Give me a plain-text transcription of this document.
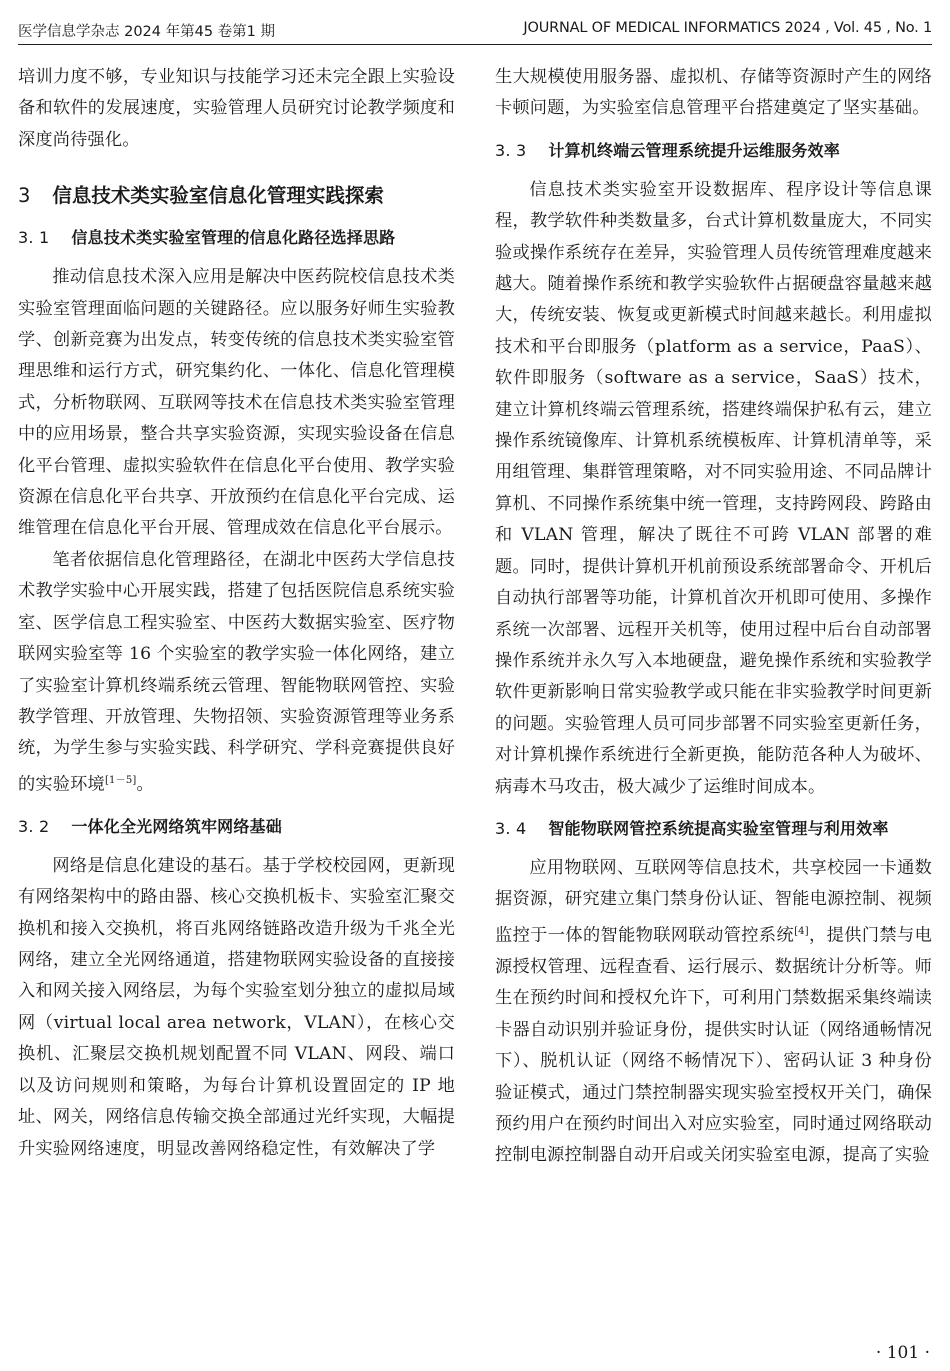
医学信息学杂志 2024 年第45 卷第1 期	JOURNAL OF MEDICAL INFORMATICS 2024 , Vol. 45 , No. 1

培训力度不够，专业知识与技能学习还未完全跟上实验设备和软件的发展速度，实验管理人员研究讨论教学频度和深度尚待强化。

3 信息技术类实验室信息化管理实践探索
3. 1 信息技术类实验室管理的信息化路径选择思路

推动信息技术深入应用是解决中医药院校信息技术类实验室管理面临问题的关键路径。应以服务好师生实验教学、创新竞赛为出发点，转变传统的信息技术类实验室管理思维和运行方式，研究集约化、一体化、信息化管理模式，分析物联网、互联网等技术在信息技术类实验室管理中的应用场景，整合共享实验资源，实现实验设备在信息化平台管理、虚拟实验软件在信息化平台使用、教学实验资源在信息化平台共享、开放预约在信息化平台完成、运维管理在信息化平台开展、管理成效在信息化平台展示。

笔者依据信息化管理路径，在湖北中医药大学信息技术教学实验中心开展实践，搭建了包括医院信息系统实验室、医学信息工程实验室、中医药大数据实验室、医疗物联网实验室等 16 个实验室的教学实验一体化网络，建立了实验室计算机终端系统云管理、智能物联网管控、实验教学管理、开放管理、失物招领、实验资源管理等业务系统，为学生参与实验实践、科学研究、学科竞赛提供良好的实验环境[1－5]。

3. 2 一体化全光网络筑牢网络基础

网络是信息化建设的基石。基于学校校园网，更新现有网络架构中的路由器、核心交换机板卡、实验室汇聚交换机和接入交换机，将百兆网络链路改造升级为千兆全光网络，建立全光网络通道，搭建物联网实验设备的直接接入和网关接入网络层，为每个实验室划分独立的虚拟局域网（virtual local area network，VLAN），在核心交换机、汇聚层交换机规划配置不同 VLAN、网段、端口以及访问规则和策略，为每台计算机设置固定的 IP 地址、网关，网络信息传输交换全部通过光纤实现，大幅提升实验网络速度，明显改善网络稳定性，有效解决了学

生大规模使用服务器、虚拟机、存储等资源时产生的网络卡顿问题，为实验室信息管理平台搭建奠定了坚实基础。

3. 3 计算机终端云管理系统提升运维服务效率

信息技术类实验室开设数据库、程序设计等信息课程，教学软件种类数量多，台式计算机数量庞大，不同实验或操作系统存在差异，实验管理人员传统管理难度越来越大。随着操作系统和教学实验软件占据硬盘容量越来越大，传统安装、恢复或更新模式时间越来越长。利用虚拟技术和平台即服务（platform as a service，PaaS）、软件即服务（software as a service，SaaS）技术，建立计算机终端云管理系统，搭建终端保护私有云，建立操作系统镜像库、计算机系统模板库、计算机清单等，采用组管理、集群管理策略，对不同实验用途、不同品牌计算机、不同操作系统集中统一管理，支持跨网段、跨路由和 VLAN 管理，解决了既往不可跨 VLAN 部署的难题。同时，提供计算机开机前预设系统部署命令、开机后自动执行部署等功能，计算机首次开机即可使用、多操作系统一次部署、远程开关机等，使用过程中后台自动部署操作系统并永久写入本地硬盘，避免操作系统和实验教学软件更新影响日常实验教学或只能在非实验教学时间更新的问题。实验管理人员可同步部署不同实验室更新任务，对计算机操作系统进行全新更换，能防范各种人为破坏、病毒木马攻击，极大减少了运维时间成本。

3. 4 智能物联网管控系统提高实验室管理与利用效率

应用物联网、互联网等信息技术，共享校园一卡通数据资源，研究建立集门禁身份认证、智能电源控制、视频监控于一体的智能物联网联动管控系统[4]，提供门禁与电源授权管理、远程查看、运行展示、数据统计分析等。师生在预约时间和授权允许下，可利用门禁数据采集终端读卡器自动识别并验证身份，提供实时认证（网络通畅情况下）、脱机认证（网络不畅情况下）、密码认证 3 种身份验证模式，通过门禁控制器实现实验室授权开关门，确保预约用户在预约时间出入对应实验室，同时通过网络联动控制电源控制器自动开启或关闭实验室电源，提高了实验

· 101 ·
